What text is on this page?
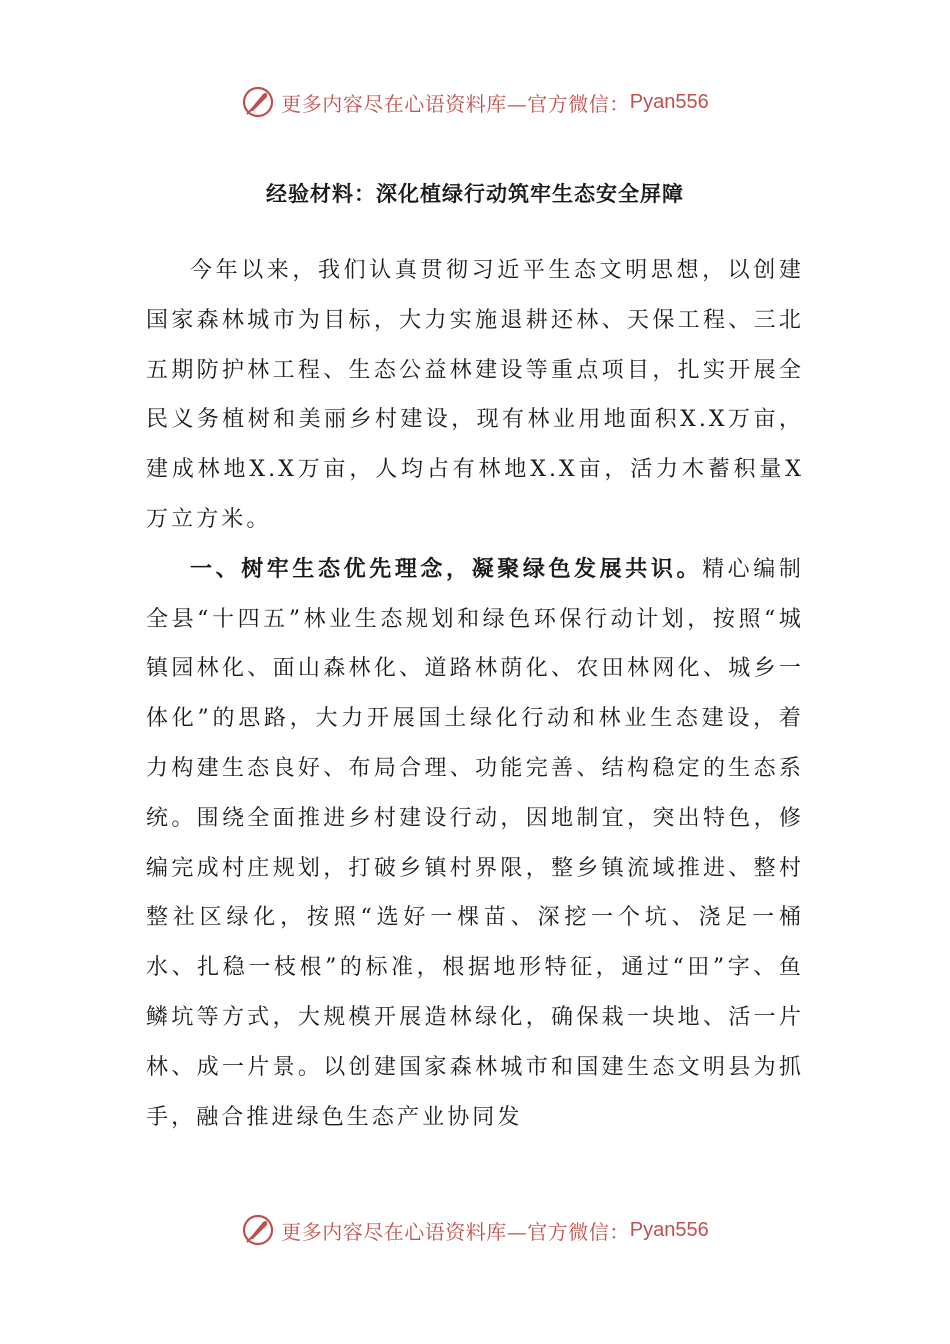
更多内容尽在心语资料库—官方微信： Pyan556
经验材料：深化植绿行动筑牢生态安全屏障

今年以来，我们认真贯彻习近平生态文明思想，以创建国家森林城市为目标，大力实施退耕还林、天保工程、三北五期防护林工程、生态公益林建设等重点项目，扎实开展全民义务植树和美丽乡村建设，现有林业用地面积X.X万亩，建成林地X.X万亩，人均占有林地X.X亩，活力木蓄积量X万立方米。

一、树牢生态优先理念，凝聚绿色发展共识。精心编制全县“十四五”林业生态规划和绿色环保行动计划，按照“城镇园林化、面山森林化、道路林荫化、农田林网化、城乡一体化”的思路，大力开展国土绿化行动和林业生态建设，着力构建生态良好、布局合理、功能完善、结构稳定的生态系统。围绕全面推进乡村建设行动，因地制宜，突出特色，修编完成村庄规划，打破乡镇村界限，整乡镇流域推进、整村整社区绿化，按照“选好一棵苗、深挖一个坑、浇足一桶水、扎稳一枝根”的标准，根据地形特征，通过“田”字、鱼鳞坑等方式，大规模开展造林绿化，确保栽一块地、活一片林、成一片景。以创建国家森林城市和国建生态文明县为抓手，融合推进绿色生态产业协同发

更多内容尽在心语资料库—官方微信： Pyan556
